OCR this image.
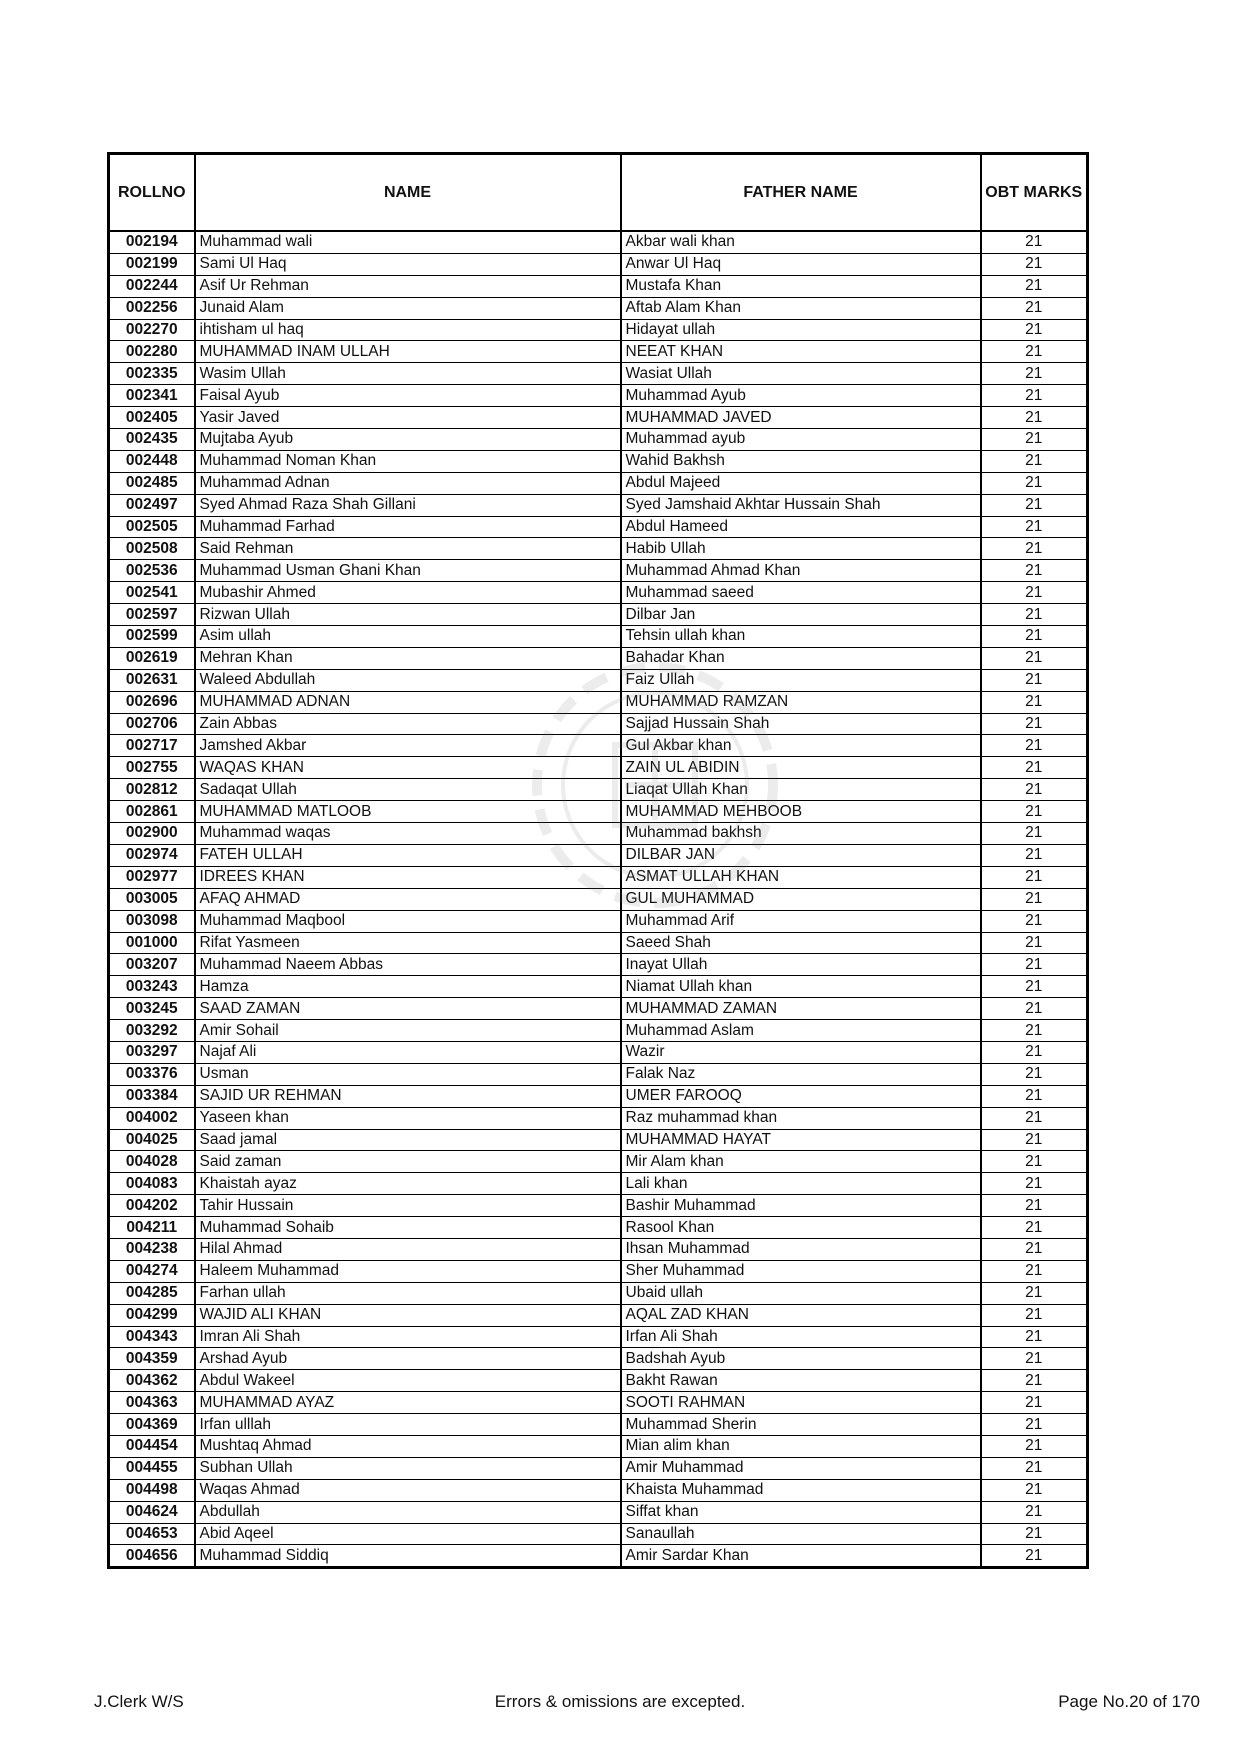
ROLLNO	NAME	FATHER NAME	OBT MARKS
002194	Muhammad wali	Akbar wali khan	21
002199	Sami Ul Haq	Anwar Ul Haq	21
002244	Asif Ur Rehman	Mustafa Khan	21
002256	Junaid Alam	Aftab Alam Khan	21
002270	ihtisham ul haq	Hidayat ullah	21
002280	MUHAMMAD INAM ULLAH	NEEAT KHAN	21
002335	Wasim Ullah	Wasiat Ullah	21
002341	Faisal Ayub	Muhammad Ayub	21
002405	Yasir Javed	MUHAMMAD JAVED	21
002435	Mujtaba Ayub	Muhammad ayub	21
002448	Muhammad Noman Khan	Wahid Bakhsh	21
002485	Muhammad Adnan	Abdul Majeed	21
002497	Syed Ahmad Raza Shah Gillani	Syed Jamshaid Akhtar Hussain Shah	21
002505	Muhammad Farhad	Abdul Hameed	21
002508	Said Rehman	Habib Ullah	21
002536	Muhammad Usman Ghani Khan	Muhammad Ahmad Khan	21
002541	Mubashir Ahmed	Muhammad saeed	21
002597	Rizwan Ullah	Dilbar Jan	21
002599	Asim ullah	Tehsin ullah khan	21
002619	Mehran Khan	Bahadar Khan	21
002631	Waleed Abdullah	Faiz Ullah	21
002696	MUHAMMAD ADNAN	MUHAMMAD RAMZAN	21
002706	Zain Abbas	Sajjad Hussain Shah	21
002717	Jamshed Akbar	Gul Akbar khan	21
002755	WAQAS KHAN	ZAIN UL ABIDIN	21
002812	Sadaqat Ullah	Liaqat Ullah Khan	21
002861	MUHAMMAD MATLOOB	MUHAMMAD MEHBOOB	21
002900	Muhammad waqas	Muhammad bakhsh	21
002974	FATEH ULLAH	DILBAR JAN	21
002977	IDREES KHAN	ASMAT ULLAH KHAN	21
003005	AFAQ AHMAD	GUL MUHAMMAD	21
003098	Muhammad Maqbool	Muhammad Arif	21
001000	Rifat Yasmeen	Saeed Shah	21
003207	Muhammad Naeem Abbas	Inayat Ullah	21
003243	Hamza	Niamat Ullah khan	21
003245	SAAD ZAMAN	MUHAMMAD ZAMAN	21
003292	Amir Sohail	Muhammad Aslam	21
003297	Najaf Ali	Wazir	21
003376	Usman	Falak Naz	21
003384	SAJID UR REHMAN	UMER FAROOQ	21
004002	Yaseen khan	Raz muhammad khan	21
004025	Saad jamal	MUHAMMAD HAYAT	21
004028	Said zaman	Mir Alam khan	21
004083	Khaistah ayaz	Lali khan	21
004202	Tahir Hussain	Bashir Muhammad	21
004211	Muhammad Sohaib	Rasool Khan	21
004238	Hilal Ahmad	Ihsan Muhammad	21
004274	Haleem Muhammad	Sher Muhammad	21
004285	Farhan ullah	Ubaid ullah	21
004299	WAJID ALI KHAN	AQAL ZAD KHAN	21
004343	Imran Ali Shah	Irfan Ali Shah	21
004359	Arshad Ayub	Badshah Ayub	21
004362	Abdul Wakeel	Bakht Rawan	21
004363	MUHAMMAD AYAZ	SOOTI RAHMAN	21
004369	Irfan ulllah	Muhammad Sherin	21
004454	Mushtaq Ahmad	Mian alim khan	21
004455	Subhan Ullah	Amir Muhammad	21
004498	Waqas Ahmad	Khaista Muhammad	21
004624	Abdullah	Siffat khan	21
004653	Abid Aqeel	Sanaullah	21
004656	Muhammad Siddiq	Amir Sardar Khan	21
J.Clerk W/S	Errors & omissions are excepted.	Page No.20 of 170
